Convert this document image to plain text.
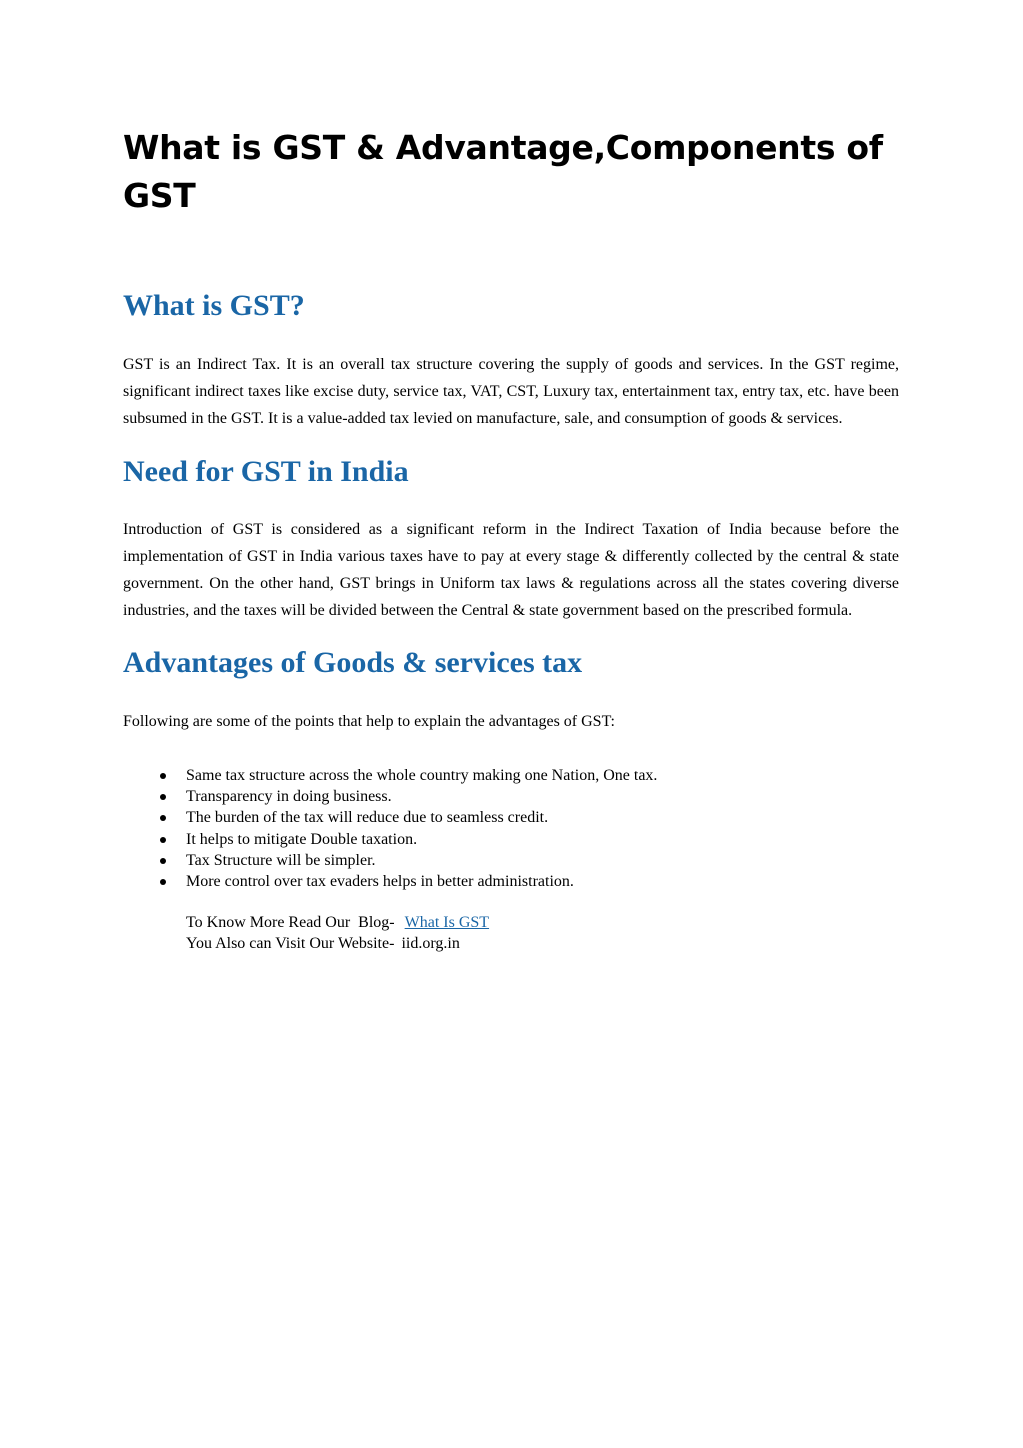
What is GST & Advantage,Components of GST
What is GST?

GST is an Indirect Tax. It is an overall tax structure covering the supply of goods and services. In the GST regime, significant indirect taxes like excise duty, service tax, VAT, CST, Luxury tax, entertainment tax, entry tax, etc. have been subsumed in the GST. It is a value-added tax levied on manufacture, sale, and consumption of goods & services.

Need for GST in India

Introduction of GST is considered as a significant reform in the Indirect Taxation of India because before the implementation of GST in India various taxes have to pay at every stage & differently collected by the central & state government. On the other hand, GST brings in Uniform tax laws & regulations across all the states covering diverse industries, and the taxes will be divided between the Central & state government based on the prescribed formula.

Advantages of Goods & services tax

Following are some of the points that help to explain the advantages of GST:

Same tax structure across the whole country making one Nation, One tax.
Transparency in doing business.
The burden of the tax will reduce due to seamless credit.
It helps to mitigate Double taxation.
Tax Structure will be simpler.
More control over tax evaders helps in better administration.
To Know More Read Our  Blog- What Is GST
You Also can Visit Our Website- iid.org.in
